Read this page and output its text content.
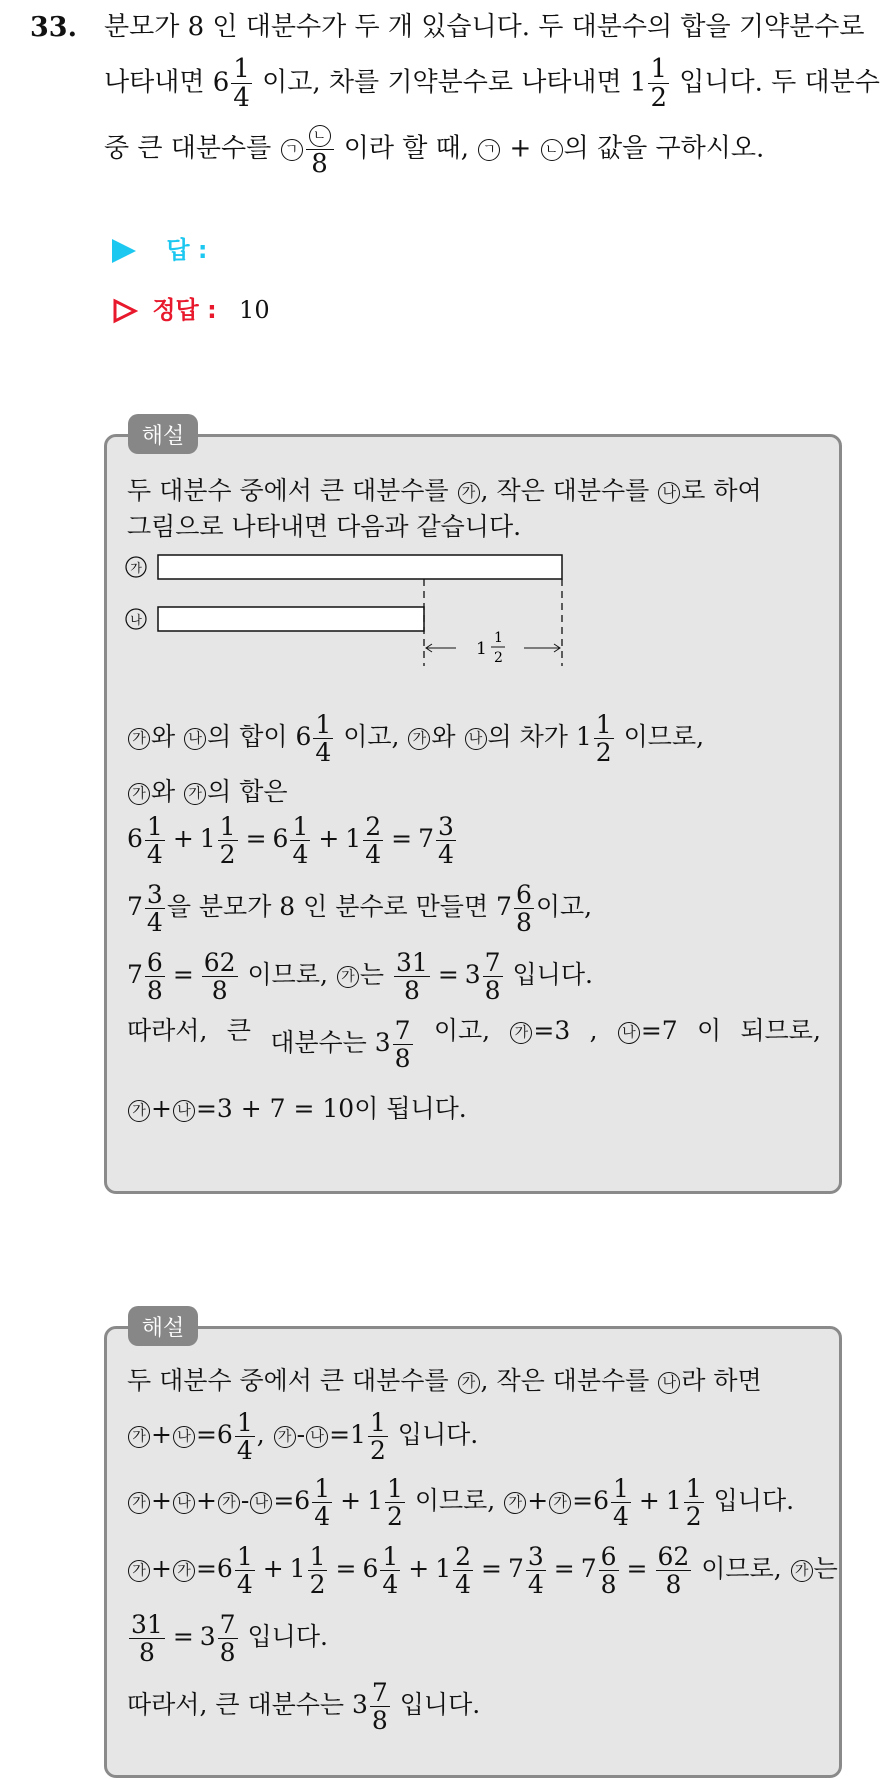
33. 분모가 8 인 대분수가 두 개 있습니다. 두 대분수의 합을 기약분수로
나타내면 $6 \frac{1}{4}$ 이고, 차를 기약분수로 나타내면 $1 \frac{1}{2}$ 입니다. 두 대분수
중 큰 대분수를 ㄱ $\frac{\text{ㄴ}}{8}$ 이라 할 때, ㄱ + ㄴ 의 값을 구하시오.
답 :
정답 : 10
해설
두 대분수 중에서 큰 대분수를 가 , 작은 대분수를 나 로 하여
그림으로 나타내면 다음과 같습니다.
가
나
1
1
2
가 와 나 의 합이 $6 \frac{1}{4}$ 이고, 가 와 나 의 차가 $1 \frac{1}{2}$ 이므로,
가 와 가 의 합은
$6 \frac{1}{4} + 1 \frac{1}{2} = 6 \frac{1}{4} + 1 \frac{2}{4} = 7 \frac{3}{4}$
$7 \frac{3}{4}$ 을 분모가 8 인 분수로 만들면 $7 \frac{6}{8}$ 이고,
$7 \frac{6}{8} = \frac{62}{8}$ 이므로, 가 는 $\frac{31}{8} = 3 \frac{7}{8}$ 입니다.
따라서, 큰 대분수는 $3 \frac{7}{8}$ 이고,	가 =3 ,	나 =7 이 되므로,
가 + 나 =3 + 7 = 10이 됩니다.
해설
두 대분수 중에서 큰 대분수를 가 , 작은 대분수를 나 라 하면
가 + 나 $=6 \frac{1}{4}$ , 가 - 나 $=1 \frac{1}{2}$ 입니다.
가 + 나 + 가 - 나 $=6 \frac{1}{4} + 1 \frac{1}{2}$ 이므로, 가 + 가 $=6 \frac{1}{4} + 1 \frac{1}{2}$ 입니다.
가 + 가 $=6 \frac{1}{4} + 1 \frac{1}{2} = 6 \frac{1}{4} + 1 \frac{2}{4} = 7 \frac{3}{4} = 7 \frac{6}{8} = \frac{62}{8}$ 이므로, 가 는
$\frac{31}{8} = 3 \frac{7}{8}$ 입니다.
따라서, 큰 대분수는 $3 \frac{7}{8}$ 입니다.
